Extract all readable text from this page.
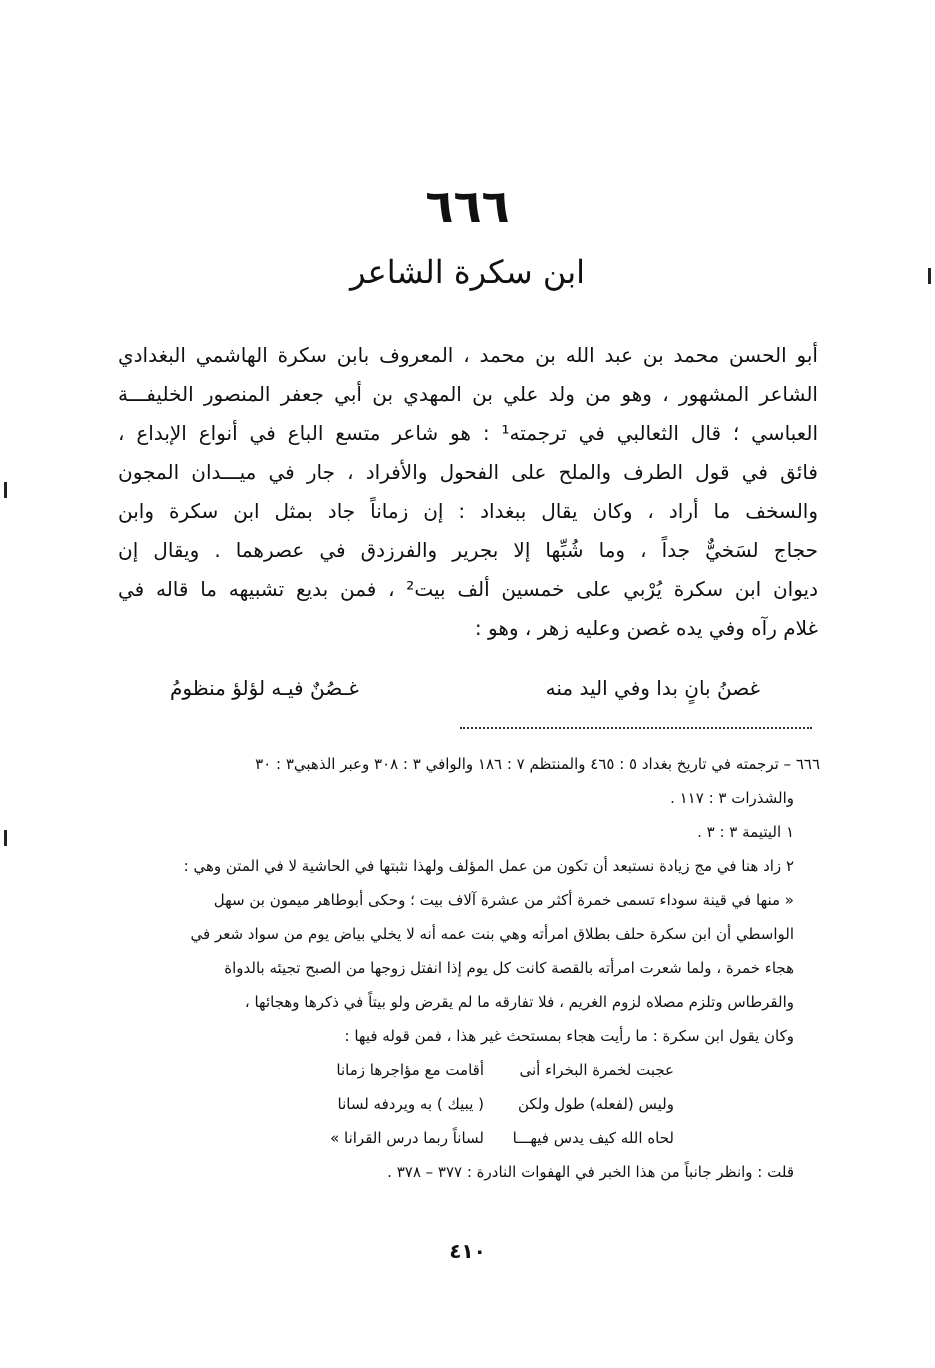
٦٦٦
ابن سكرة الشاعر
أبو الحسن محمد بن عبد الله بن محمد ، المعروف بابن سكرة الهاشمي البغدادي
الشاعر المشهور ، وهو من ولد علي بن المهدي بن أبي جعفر المنصور الخليفـــة
العباسي ؛ قال الثعالبي في ترجمته¹ : هو شاعر متسع الباع في أنواع الإبداع ،
فائق في قول الطرف والملح على الفحول والأفراد ، جار في ميـــدان المجون
والسخف ما أراد ، وكان يقال ببغداد : إن زماناً جاد بمثل ابن سكرة وابن
حجاج لسَخيٌّ جداً ، وما شُبِّها إلا بجرير والفرزدق في عصرهما . ويقال إن
ديوان ابن سكرة يُرْبي على خمسين ألف بيت² ، فمن بديع تشبيهه ما قاله في
غلام رآه وفي يده غصن وعليه زهر ، وهو :
غصنُ بانٍ بدا وفي اليد منه
غـصُنٌ فيـه لؤلؤ منظومُ
٦٦٦ – ترجمته في تاريخ بغداد ٥ : ٤٦٥ والمنتظم ٧ : ١٨٦ والوافي ٣ : ٣٠٨ وعبر الذهبي٣ : ٣٠
والشذرات ٣ : ١١٧ .
١ اليتيمة ٣ : ٣ .
٢ زاد هنا في مج زيادة نستبعد أن تكون من عمل المؤلف ولهذا نثبتها في الحاشية لا في المتن وهي :
« منها في قينة سوداء تسمى خمرة أكثر من عشرة آلاف بيت ؛ وحكى أبوطاهر ميمون بن سهل
الواسطي أن ابن سكرة حلف بطلاق امرأته وهي بنت عمه أنه لا يخلي بياض يوم من سواد شعر في
هجاء خمرة ، ولما شعرت امرأته بالقصة كانت كل يوم إذا انفتل زوجها من الصبح تجيئه بالدواة
والقرطاس وتلزم مصلاه لزوم الغريم ، فلا تفارقه ما لم يقرض ولو بيتاً في ذكرها وهجائها ،
وكان يقول ابن سكرة : ما رأيت هجاء بمستحث غير هذا ، فمن قوله فيها :
عجبت لخمرة البخراء أنى
أقامت مع مؤاجرها زمانا
وليس (لفعله) طول ولكن
( يبيك ) به ويردفه لسانا
لحاه الله كيف يدس فيهـــا
لساناً ربما درس القرانا »
قلت : وانظر جانباً من هذا الخبر في الهفوات النادرة : ٣٧٧ – ٣٧٨ .
٤١٠
